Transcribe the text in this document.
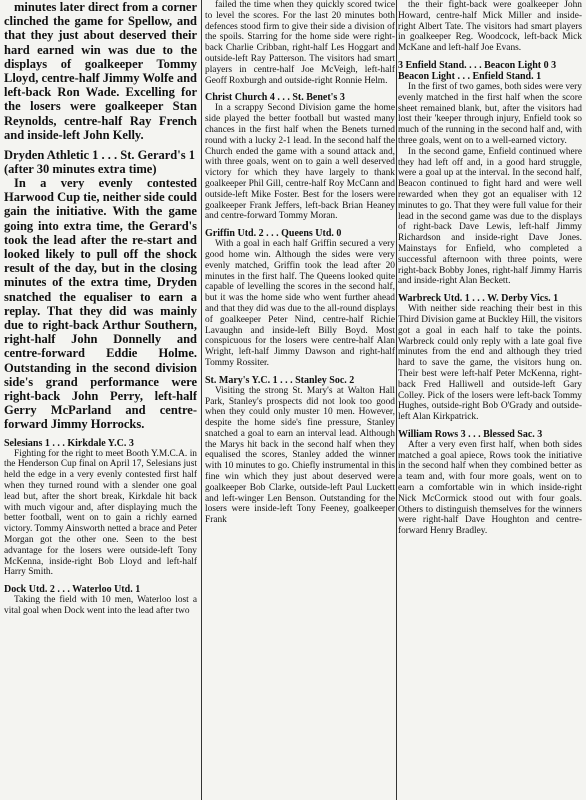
minutes later direct from a corner clinched the game for Spellow, and that they just about deserved their hard earned win was due to the displays of goalkeeper Tommy Lloyd, centre-half Jimmy Wolfe and left-back Ron Wade. Excelling for the losers were goalkeeper Stan Reynolds, centre-half Ray French and inside-left John Kelly.

Dryden Athletic 1 . . . St. Gerard's 1 (after 30 minutes extra time)

In a very evenly contested Harwood Cup tie, neither side could gain the initiative. With the game going into extra time, the Gerard's took the lead after the re-start and looked likely to pull off the shock result of the day, but in the closing minutes of the extra time, Dryden snatched the equaliser to earn a replay. That they did was mainly due to right-back Arthur Southern, right-half John Donnelly and centre-forward Eddie Holme. Outstanding in the second division side's grand performance were right-back John Perry, left-half Gerry McParland and centre-forward Jimmy Horrocks.

Selesians 1 . . . Kirkdale Y.C. 3

Fighting for the right to meet Booth Y.M.C.A. in the Henderson Cup final on April 17, Selesians just held the edge in a very evenly contested first half when they turned round with a slender one goal lead but, after the short break, Kirkdale hit back with much vigour and, after displaying much the better football, went on to gain a richly earned victory. Tommy Ainsworth netted a brace and Peter Morgan got the other one. Seen to the best advantage for the losers were outside-left Tony McKenna, inside-right Bob Lloyd and left-half Harry Smith.

Dock Utd. 2 . . . Waterloo Utd. 1

Taking the field with 10 men, Waterloo lost a vital goal when Dock went into the lead after two

failed the time when they quickly scored twice to level the scores. For the last 20 minutes both defences stood firm to give their side a division of the spoils. Starring for the home side were right-back Charlie Cribban, right-half Les Hoggart and outside-left Ray Patterson. The visitors had smart players in centre-half Joe McVeigh, left-half Geoff Roxburgh and outside-right Ronnie Helm.

Christ Church 4 . . . St. Benet's 3

In a scrappy Second Division game the home side played the better football but wasted many chances in the first half when the Benets turned round with a lucky 2-1 lead. In the second half the Church ended the game with a sound attack and, with three goals, went on to gain a well deserved victory for which they have largely to thank goalkeeper Phil Gill, centre-half Roy McCann and outside-left Mike Foster. Best for the losers were goalkeeper Frank Jeffers, left-back Brian Heaney and centre-forward Tommy Moran.

Griffin Utd. 2 . . . Queens Utd. 0

With a goal in each half Griffin secured a very good home win. Although the sides were very evenly matched, Griffin took the lead after 20 minutes in the first half. The Queens looked quite capable of levelling the scores in the second half, but it was the home side who went further ahead and that they did was due to the all-round displays of goalkeeper Peter Nind, centre-half Richie Lavaughn and inside-left Billy Boyd. Most conspicuous for the losers were centre-half Alan Wright, left-half Jimmy Dawson and right-half Tommy Rossiter.

St. Mary's Y.C. 1 . . . Stanley Soc. 2

Visiting the strong St. Mary's at Walton Hall Park, Stanley's prospects did not look too good when they could only muster 10 men. However, despite the home side's fine pressure, Stanley snatched a goal to earn an interval lead. Although the Marys hit back in the second half when they equalised the scores, Stanley added the winner with 10 minutes to go. Chiefly instrumental in this fine win which they just about deserved were goalkeeper Bob Clarke, outside-left Paul Luckett and left-winger Len Benson. Outstanding for the losers were inside-left Tony Feeney, goalkeeper Frank

the their fight-back were goalkeeper John Howard, centre-half Mick Miller and inside-right Albert Tate. The visitors had smart players in goalkeeper Reg. Woodcock, left-back Mick McKane and left-half Joe Evans.

3 Enfield Stand. . . . Beacon Light 0 3 Beacon Light . . . Enfield Stand. 1

In the first of two games, both sides were very evenly matched in the first half when the score sheet remained blank, but, after the visitors had lost their 'keeper through injury, Enfield took so much of the running in the second half and, with three goals, went on to a well-earned victory.

In the second game, Enfield continued where they had left off and, in a good hard struggle, were a goal up at the interval. In the second half, Beacon continued to fight hard and were well rewarded when they got an equaliser with 12 minutes to go. That they were full value for their lead in the second game was due to the displays of right-back Dave Lewis, left-half Jimmy Richardson and inside-right Dave Jones. Mainstays for Enfield, who completed a successful afternoon with three points, were right-back Bobby Jones, right-half Jimmy Harris and inside-right Alan Beckett.

Warbreck Utd. 1 . . . W. Derby Vics. 1

With neither side reaching their best in this Third Division game at Buckley Hill, the visitors got a goal in each half to take the points. Warbreck could only reply with a late goal five minutes from the end and although they tried hard to save the game, the visitors hung on. Their best were left-half Peter McKenna, right-back Fred Halliwell and outside-left Gary Colley. Pick of the losers were left-back Tommy Hughes, outside-right Bob O'Grady and outside-left Alan Kirkpatrick.

William Rows 3 . . . Blessed Sac. 3

After a very even first half, when both sides matched a goal apiece, Rows took the initiative in the second half when they combined better as a team and, with four more goals, went on to earn a comfortable win in which inside-right Nick McCormick stood out with four goals. Others to distinguish themselves for the winners were right-half Dave Houghton and centre-forward Henry Bradley.
